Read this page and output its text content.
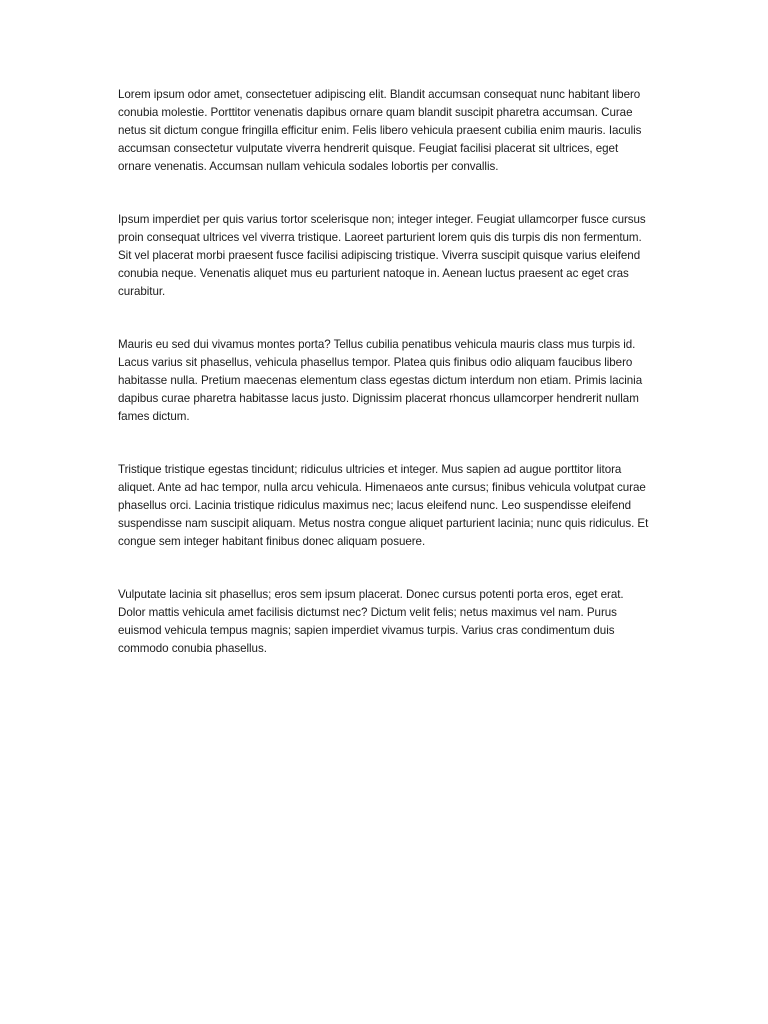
Lorem ipsum odor amet, consectetuer adipiscing elit. Blandit accumsan consequat nunc habitant libero conubia molestie. Porttitor venenatis dapibus ornare quam blandit suscipit pharetra accumsan. Curae netus sit dictum congue fringilla efficitur enim. Felis libero vehicula praesent cubilia enim mauris. Iaculis accumsan consectetur vulputate viverra hendrerit quisque. Feugiat facilisi placerat sit ultrices, eget ornare venenatis. Accumsan nullam vehicula sodales lobortis per convallis.

Ipsum imperdiet per quis varius tortor scelerisque non; integer integer. Feugiat ullamcorper fusce cursus proin consequat ultrices vel viverra tristique. Laoreet parturient lorem quis dis turpis dis non fermentum. Sit vel placerat morbi praesent fusce facilisi adipiscing tristique. Viverra suscipit quisque varius eleifend conubia neque. Venenatis aliquet mus eu parturient natoque in. Aenean luctus praesent ac eget cras curabitur.

Mauris eu sed dui vivamus montes porta? Tellus cubilia penatibus vehicula mauris class mus turpis id. Lacus varius sit phasellus, vehicula phasellus tempor. Platea quis finibus odio aliquam faucibus libero habitasse nulla. Pretium maecenas elementum class egestas dictum interdum non etiam. Primis lacinia dapibus curae pharetra habitasse lacus justo. Dignissim placerat rhoncus ullamcorper hendrerit nullam fames dictum.

Tristique tristique egestas tincidunt; ridiculus ultricies et integer. Mus sapien ad augue porttitor litora aliquet. Ante ad hac tempor, nulla arcu vehicula. Himenaeos ante cursus; finibus vehicula volutpat curae phasellus orci. Lacinia tristique ridiculus maximus nec; lacus eleifend nunc. Leo suspendisse eleifend suspendisse nam suscipit aliquam. Metus nostra congue aliquet parturient lacinia; nunc quis ridiculus. Et congue sem integer habitant finibus donec aliquam posuere.

Vulputate lacinia sit phasellus; eros sem ipsum placerat. Donec cursus potenti porta eros, eget erat. Dolor mattis vehicula amet facilisis dictumst nec? Dictum velit felis; netus maximus vel nam. Purus euismod vehicula tempus magnis; sapien imperdiet vivamus turpis. Varius cras condimentum duis commodo conubia phasellus.
